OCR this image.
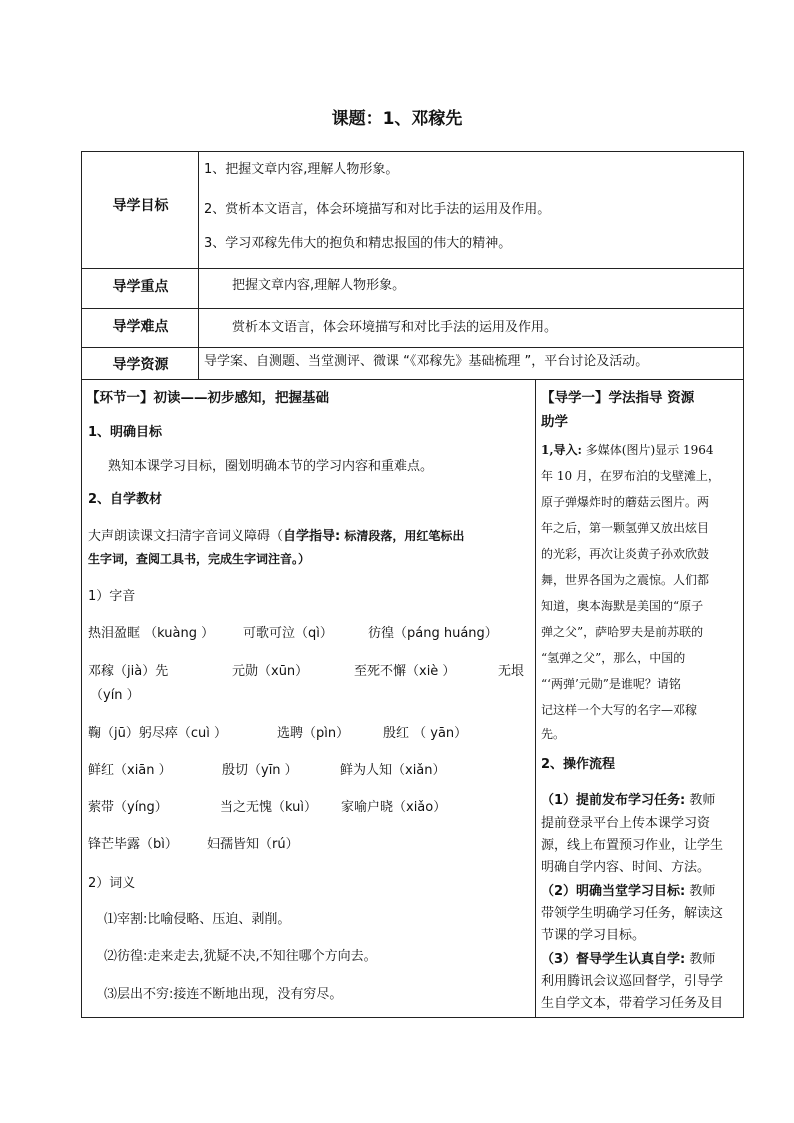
课题：1、邓稼先
导学目标
1、把握文章内容,理解人物形象。
2、赏析本文语言，体会环境描写和对比手法的运用及作用。
3、学习邓稼先伟大的抱负和精忠报国的伟大的精神。
导学重点	把握文章内容,理解人物形象。
导学难点	赏析本文语言，体会环境描写和对比手法的运用及作用。
导学资源	导学案、自测题、当堂测评、微课 “《邓稼先》基础梳理 ”，平台讨论及活动。
【环节一】初读——初步感知，把握基础
1、明确目标
熟知本课学习目标，圈划明确本节的学习内容和重难点。
2、自学教材
大声朗读课文扫清字音词义障碍（自学指导: 标清段落，用红笔标出
生字词，查阅工具书，完成生字词注音。）
1）字音
热泪盈眶 （kuàng ） 可歌可泣（qì）	彷徨（páng huáng）
邓稼（jià）先	元勋（xūn）	至死不懈（xiè ）	无垠
（yín ）
鞠（jū）躬尽瘁（cuì ）	选聘（pìn）	殷红 （ yān）
鲜红（xiān ）	殷切（yīn ）	鲜为人知（xiǎn）
萦带（yíng）	当之无愧（kuì） 家喻户晓（xiǎo）
锋芒毕露（bì） 妇孺皆知（rú）
2）词义
⑴宰割:比喻侵略、压迫、剥削。
⑵彷徨:走来走去,犹疑不决,不知往哪个方向去。
⑶层出不穷:接连不断地出现，没有穷尽。
【导学一】学法指导 资源
助学
1,导入: 多媒体(图片)显示 1964
年 10 月，在罗布泊的戈壁滩上，
原子弹爆炸时的蘑菇云图片。两
年之后，第一颗氢弹又放出炫目
的光彩，再次让炎黄子孙欢欣鼓
舞，世界各国为之震惊。人们都
知道，奥本海默是美国的“原子
弹之父”，萨哈罗夫是前苏联的
“氢弹之父”，那么，中国的
“‘两弹’元勋”是谁呢？请铭
记这样一个大写的名字—邓稼
先。
2、操作流程
（1）提前发布学习任务: 教师
提前登录平台上传本课学习资
源，线上布置预习作业，让学生
明确自学内容、时间、方法。
（2）明确当堂学习目标: 教师
带领学生明确学习任务，解读这
节课的学习目标。
（3）督导学生认真自学: 教师
利用腾讯会议巡回督学，引导学
生自学文本，带着学习任务及目
